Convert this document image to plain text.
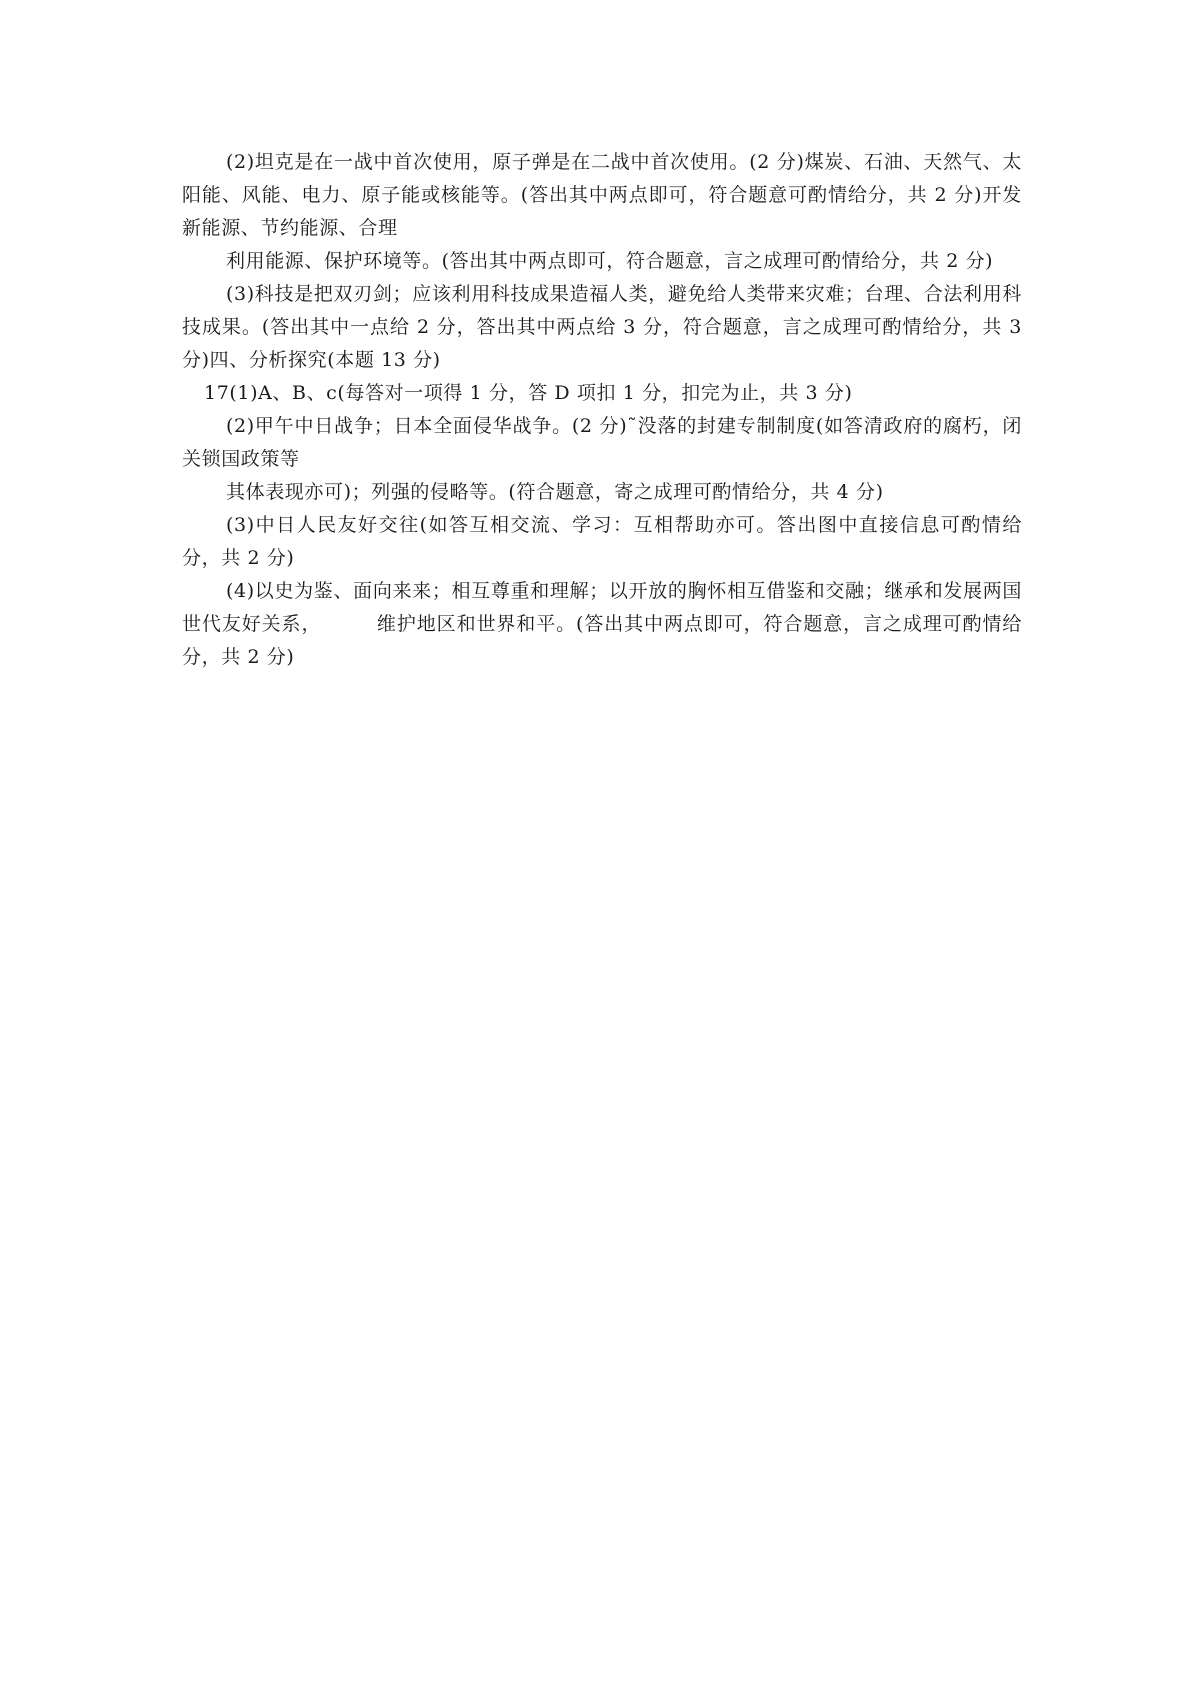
(2)坦克是在一战中首次使用，原子弹是在二战中首次使用。(2 分)煤炭、石油、天然气、太阳能、风能、电力、原子能或核能等。(答出其中两点即可，符合题意可酌情给分，共 2 分)开发新能源、节约能源、合理

利用能源、保护环境等。(答出其中两点即可，符合题意，言之成理可酌情给分，共 2 分)

(3)科技是把双刃剑；应该利用科技成果造福人类，避免给人类带来灾难；台理、合法利用科技成果。(答出其中一点给 2 分，答出其中两点给 3 分，符合题意，言之成理可酌情给分，共 3 分)四、分析探究(本题 13 分)

17(1)A、B、c(每答对一项得 1 分，答 D 项扣 1 分，扣完为止，共 3 分)

(2)甲午中日战争；日本全面侵华战争。(2 分)˜没落的封建专制制度(如答清政府的腐朽，闭关锁国政策等

其体表现亦可)；列强的侵略等。(符合题意，寄之成理可酌情给分，共 4 分)

(3)中日人民友好交往(如答互相交流、学习：互相帮助亦可。答出图中直接信息可酌情给分，共 2 分)

(4)以史为鉴、面向来来；相互尊重和理解；以开放的胸怀相互借鉴和交融；继承和发展两国世代友好关系，        维护地区和世界和平。(答出其中两点即可，符合题意，言之成理可酌情给分，共 2 分)
